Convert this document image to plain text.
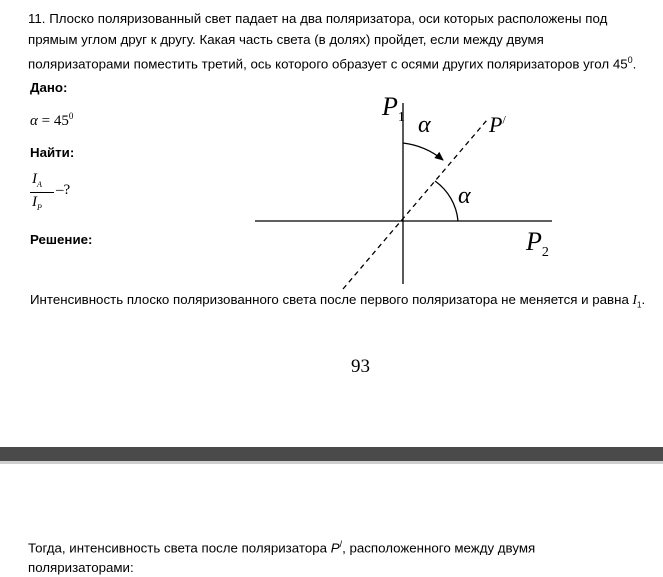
11. Плоско поляризованный свет падает на два поляризатора, оси которых расположены под
прямым углом друг к другу. Какая часть света (в долях) пройдет, если между двумя
поляризаторами поместить третий, ось которого образует с осями других поляризаторов угол $45^0$.
Дано:
$\alpha = 45^0$
Найти:
$I_A$
$I_P$
–?
Решение:
$P_1$ α	P/
α
$P_2$
Интенсивность плоско поляризованного света после первого поляризатора не меняется и равна $I_1$.
93
Тогда, интенсивность света после поляризатора P/, расположенного между двумя
поляризаторами:
